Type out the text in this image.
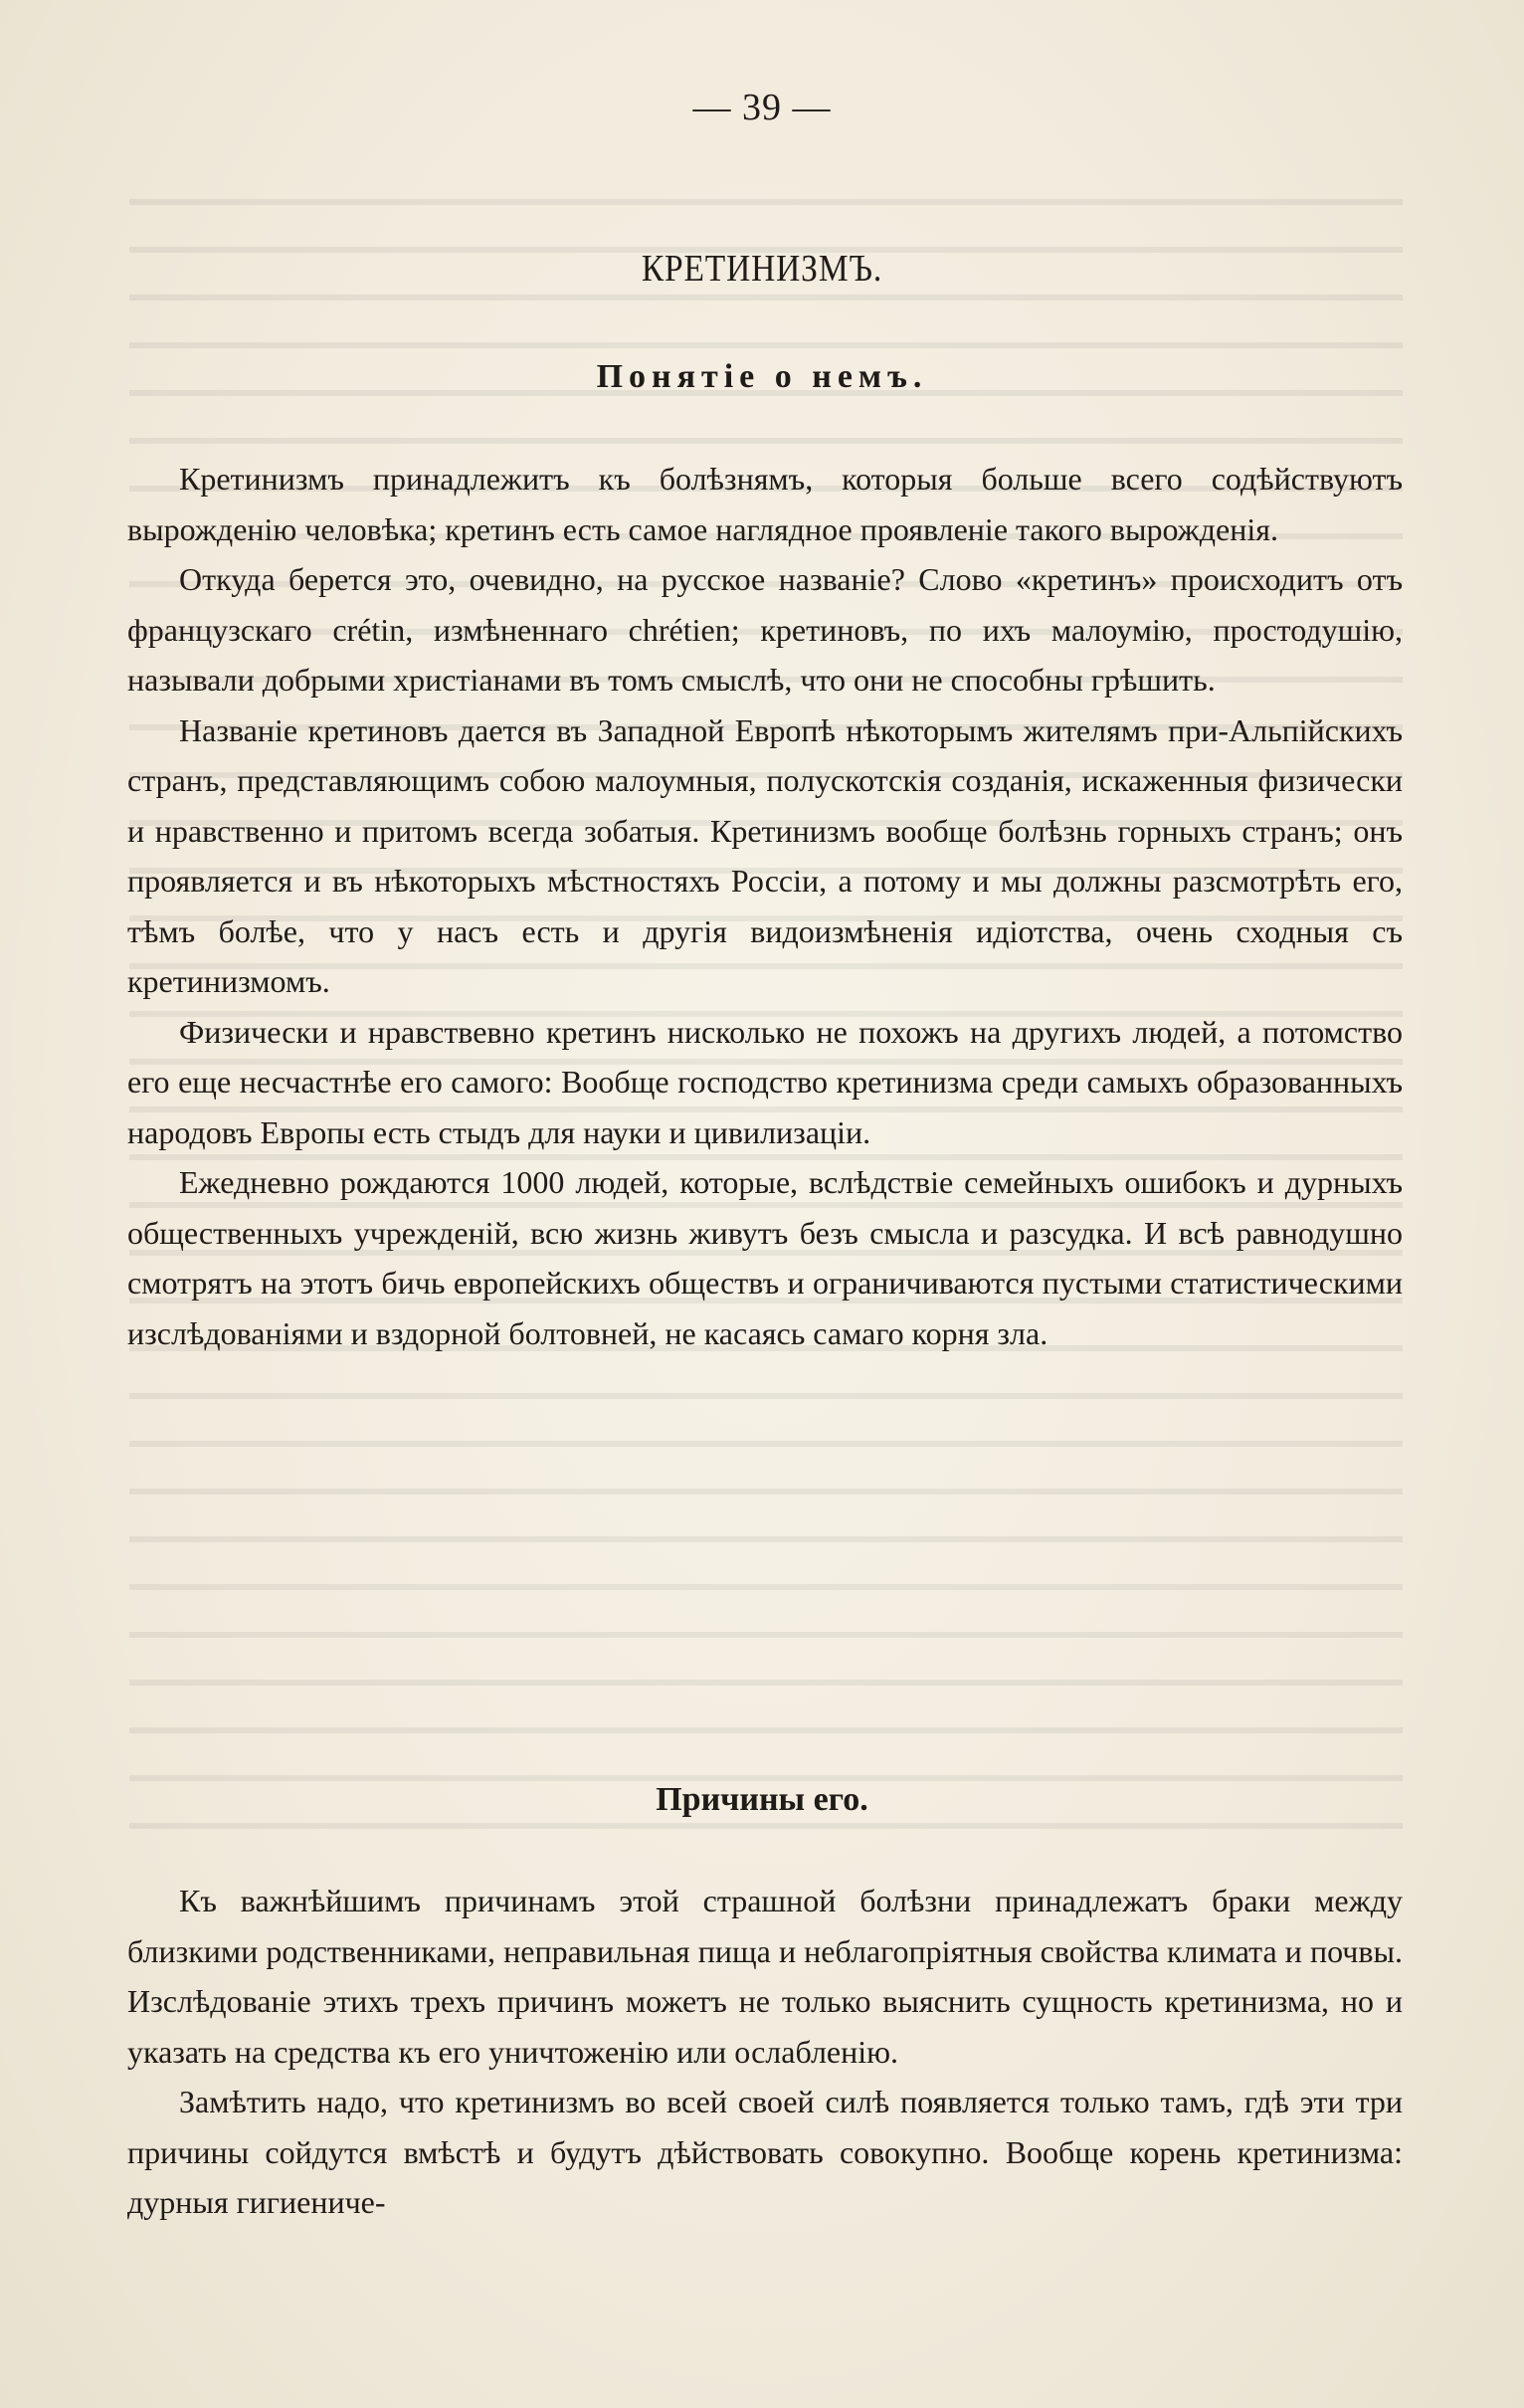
— 39 —
КРЕТИНИЗМЪ.
Понятіе о немъ.

Кретинизмъ принадлежитъ къ болѣзнямъ, которыя больше всего содѣйствуютъ вырожденію человѣка; кретинъ есть самое наглядное проявленіе такого вырожденія.

Откуда берется это, очевидно, на русское названіе? Слово «кретинъ» происходитъ отъ французскаго crétin, измѣненнаго chrétien; кретиновъ, по ихъ малоумію, простодушію, называли добрыми христіанами въ томъ смыслѣ, что они не способны грѣшить.

Названіе кретиновъ дается въ Западной Европѣ нѣкоторымъ жителямъ при-Альпійскихъ странъ, представляющимъ собою малоумныя, полускотскія созданія, искаженныя физически и нравственно и притомъ всегда зобатыя. Кретинизмъ вообще болѣзнь горныхъ странъ; онъ проявляется и въ нѣкоторыхъ мѣстностяхъ Россіи, а потому и мы должны разсмотрѣть его, тѣмъ болѣе, что у насъ есть и другія видоизмѣненія идіотства, очень сходныя съ кретинизмомъ.

Физически и нравствевно кретинъ нисколько не похожъ на другихъ людей, а потомство его еще несчастнѣе его самого: Вообще господство кретинизма среди самыхъ образованныхъ народовъ Европы есть стыдъ для науки и цивилизаціи.

Ежедневно рождаются 1000 людей, которые, вслѣдствіе семейныхъ ошибокъ и дурныхъ общественныхъ учрежденій, всю жизнь живутъ безъ смысла и разсудка. И всѣ равнодушно смотрятъ на этотъ бичь европейскихъ обществъ и ограничиваются пустыми статистическими изслѣдованіями и вздорной болтовней, не касаясь самаго корня зла.

Причины его.

Къ важнѣйшимъ причинамъ этой страшной болѣзни принадлежатъ браки между близкими родственниками, неправильная пища и неблагопріятныя свойства климата и почвы. Изслѣдованіе этихъ трехъ причинъ можетъ не только выяснить сущность кретинизма, но и указать на средства къ его уничтоженію или ослабленію.

Замѣтить надо, что кретинизмъ во всей своей силѣ появляется только тамъ, гдѣ эти три причины сойдутся вмѣстѣ и будутъ дѣйствовать совокупно. Вообще корень кретинизма: дурныя гигиениче-
